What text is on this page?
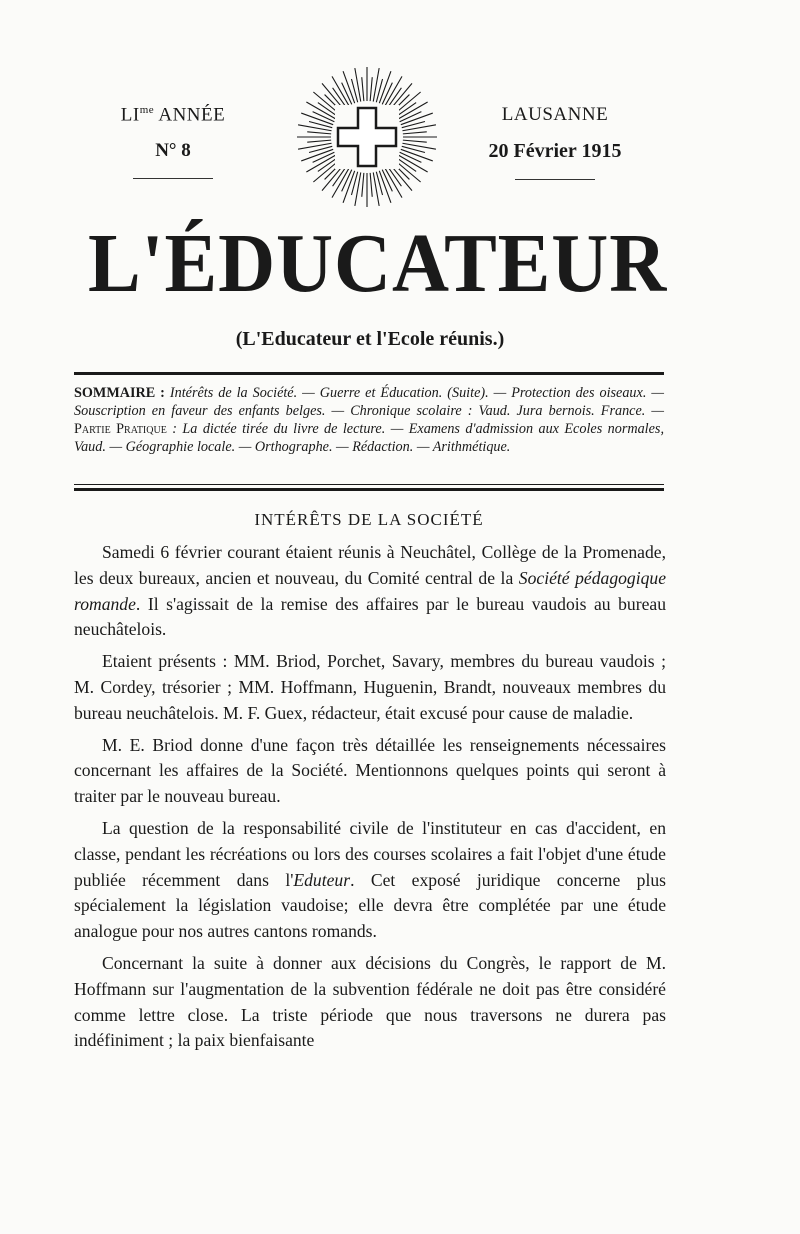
$LI^{me}$ ANNÉE
N° 8
LAUSANNE
20 Février 1915
L'ÉDUCATEUR
(L'Educateur et l'Ecole réunis.)
SOMMAIRE : Intérêts de la Société. — Guerre et Éducation. (Suite). — Protection des oiseaux. — Souscription en faveur des enfants belges. — Chronique scolaire : Vaud. Jura bernois. France. — Partie Pratique : La dictée tirée du livre de lecture. — Examens d'admission aux Ecoles normales, Vaud. — Géographie locale. — Orthographe. — Rédaction. — Arithmétique.
INTÉRÊTS DE LA SOCIÉTÉ

Samedi 6 février courant étaient réunis à Neuchâtel, Collège de la Promenade, les deux bureaux, ancien et nouveau, du Comité central de la Société pédagogique romande. Il s'agissait de la remise des affaires par le bureau vaudois au bureau neuchâtelois.

Etaient présents : MM. Briod, Porchet, Savary, membres du bureau vaudois ; M. Cordey, trésorier ; MM. Hoffmann, Huguenin, Brandt, nouveaux membres du bureau neuchâtelois. M. F. Guex, rédacteur, était excusé pour cause de maladie.

M. E. Briod donne d'une façon très détaillée les renseignements nécessaires concernant les affaires de la Société. Mentionnons quelques points qui seront à traiter par le nouveau bureau.

La question de la responsabilité civile de l'instituteur en cas d'accident, en classe, pendant les récréations ou lors des courses scolaires a fait l'objet d'une étude publiée récemment dans l'Eduteur. Cet exposé juridique concerne plus spécialement la législation vaudoise; elle devra être complétée par une étude analogue pour nos autres cantons romands.

Concernant la suite à donner aux décisions du Congrès, le rapport de M. Hoffmann sur l'augmentation de la subvention fédérale ne doit pas être considéré comme lettre close. La triste période que nous traversons ne durera pas indéfiniment ; la paix bienfaisante
